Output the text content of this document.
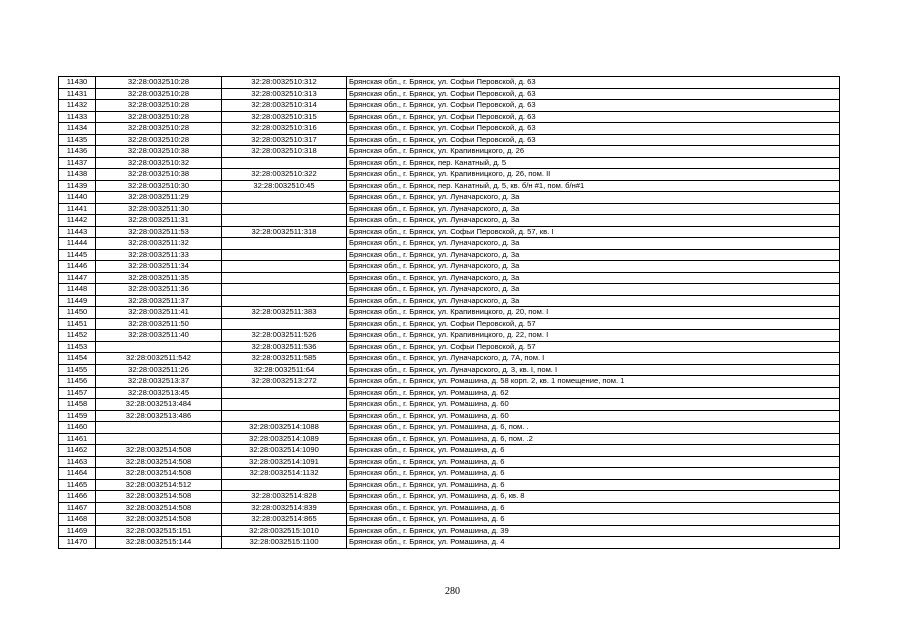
11430	32:28:0032510:28	32:28:0032510:312	Брянская обл., г. Брянск, ул. Софьи Перовской, д. 63
11431	32:28:0032510:28	32:28:0032510:313	Брянская обл., г. Брянск, ул. Софьи Перовской, д. 63
11432	32:28:0032510:28	32:28:0032510:314	Брянская обл., г. Брянск, ул. Софьи Перовской, д. 63
11433	32:28:0032510:28	32:28:0032510:315	Брянская обл., г. Брянск, ул. Софьи Перовской, д. 63
11434	32:28:0032510:28	32:28:0032510:316	Брянская обл., г. Брянск, ул. Софьи Перовской, д. 63
11435	32:28:0032510:28	32:28:0032510:317	Брянская обл., г. Брянск, ул. Софьи Перовской, д. 63
11436	32:28:0032510:38	32:28:0032510:318	Брянская обл., г. Брянск, ул. Крапивницкого, д. 26
11437	32:28:0032510:32		Брянская обл., г. Брянск, пер. Канатный, д. 5
11438	32:28:0032510:38	32:28:0032510:322	Брянская обл., г. Брянск, ул. Крапивницкого, д. 26, пом. II
11439	32:28:0032510:30	32:28:0032510:45	Брянская обл., г. Брянск, пер. Канатный, д. 5, кв. б/н #1, пом. б/н#1
11440	32:28:0032511:29		Брянская обл., г. Брянск, ул. Луначарского, д. 3а
11441	32:28:0032511:30		Брянская обл., г. Брянск, ул. Луначарского, д. 3а
11442	32:28:0032511:31		Брянская обл., г. Брянск, ул. Луначарского, д. 3а
11443	32:28:0032511:53	32:28:0032511:318	Брянская обл., г. Брянск, ул. Софьи Перовской, д. 57, кв. I
11444	32:28:0032511:32		Брянская обл., г. Брянск, ул. Луначарского, д. 3а
11445	32:28:0032511:33		Брянская обл., г. Брянск, ул. Луначарского, д. 3а
11446	32:28:0032511:34		Брянская обл., г. Брянск, ул. Луначарского, д. 3а
11447	32:28:0032511:35		Брянская обл., г. Брянск, ул. Луначарского, д. 3а
11448	32:28:0032511:36		Брянская обл., г. Брянск, ул. Луначарского, д. 3а
11449	32:28:0032511:37		Брянская обл., г. Брянск, ул. Луначарского, д. 3а
11450	32:28:0032511:41	32:28:0032511:383	Брянская обл., г. Брянск, ул. Крапивницкого, д. 20, пом. I
11451	32:28:0032511:50		Брянская обл., г. Брянск, ул. Софьи Перовской, д. 57
11452	32:28:0032511:40	32:28:0032511:526	Брянская обл., г. Брянск, ул. Крапивницкого, д. 22, пом. I
11453		32:28:0032511:536	Брянская обл., г. Брянск, ул. Софьи Перовской, д. 57
11454	32:28:0032511:542	32:28:0032511:585	Брянская обл., г. Брянск, ул. Луначарского, д. 7А, пом. I
11455	32:28:0032511:26	32:28:0032511:64	Брянская обл., г. Брянск, ул. Луначарского, д. 3, кв. I, пом. I
11456	32:28:0032513:37	32:28:0032513:272	Брянская обл., г. Брянск, ул. Ромашина, д. 58 корп. 2, кв. 1 помещение, пом. 1
11457	32:28:0032513:45		Брянская обл., г. Брянск, ул. Ромашина, д. 62
11458	32:28:0032513:484		Брянская обл., г. Брянск, ул. Ромашина, д. 60
11459	32:28:0032513:486		Брянская обл., г. Брянск, ул. Ромашина, д. 60
11460		32:28:0032514:1088	Брянская обл., г. Брянск, ул. Ромашина, д. 6, пом. .
11461		32:28:0032514:1089	Брянская обл., г. Брянск, ул. Ромашина, д. 6, пом. .2
11462	32:28:0032514:508	32:28:0032514:1090	Брянская обл., г. Брянск, ул. Ромашина, д. 6
11463	32:28:0032514:508	32:28:0032514:1091	Брянская обл., г. Брянск, ул. Ромашина, д. 6
11464	32:28:0032514:508	32:28:0032514:1132	Брянская обл., г. Брянск, ул. Ромашина, д. 6
11465	32:28:0032514:512		Брянская обл., г. Брянск, ул. Ромашина, д. 6
11466	32:28:0032514:508	32:28:0032514:828	Брянская обл., г. Брянск, ул. Ромашина, д. 6, кв. 8
11467	32:28:0032514:508	32:28:0032514:839	Брянская обл., г. Брянск, ул. Ромашина, д. 6
11468	32:28:0032514:508	32:28:0032514:865	Брянская обл., г. Брянск, ул. Ромашина, д. 6
11469	32:28:0032515:151	32:28:0032515:1010	Брянская обл., г. Брянск, ул. Ромашина, д. 39
11470	32:28:0032515:144	32:28:0032515:1100	Брянская обл., г. Брянск, ул. Ромашина, д. 4
280
